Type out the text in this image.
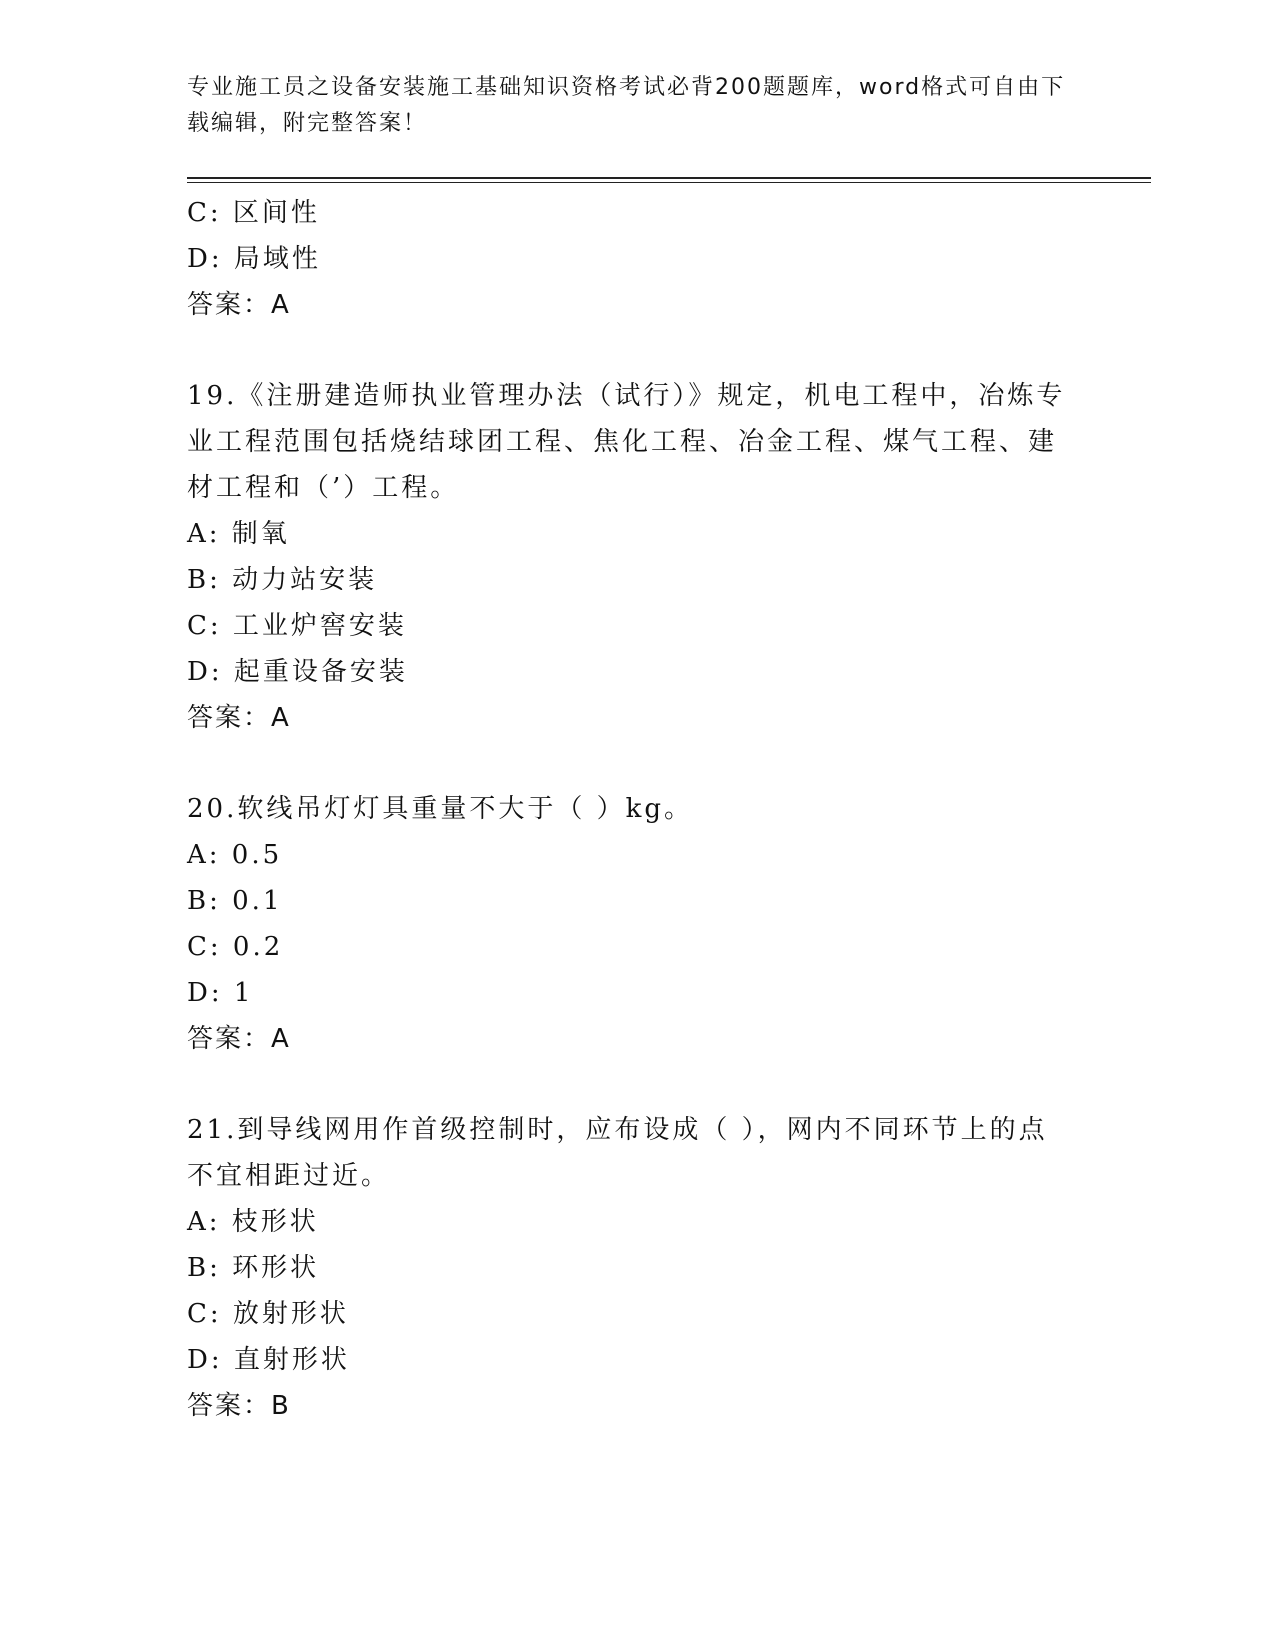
专业施工员之设备安装施工基础知识资格考试必背200题题库，word格式可自由下载编辑，附完整答案！
C: 区间性
D: 局域性
答案：A
19.《注册建造师执业管理办法（试行）》规定，机电工程中，冶炼专业工程范围包括烧结球团工程、焦化工程、冶金工程、煤气工程、建材工程和（’）工程。
A: 制氧
B: 动力站安装
C: 工业炉窖安装
D: 起重设备安装
答案：A
20.软线吊灯灯具重量不大于（ ）kg。
A: 0.5
B: 0.1
C: 0.2
D: 1
答案：A
21.到导线网用作首级控制时，应布设成（ ），网内不同环节上的点不宜相距过近。
A: 枝形状
B: 环形状
C: 放射形状
D: 直射形状
答案：B
